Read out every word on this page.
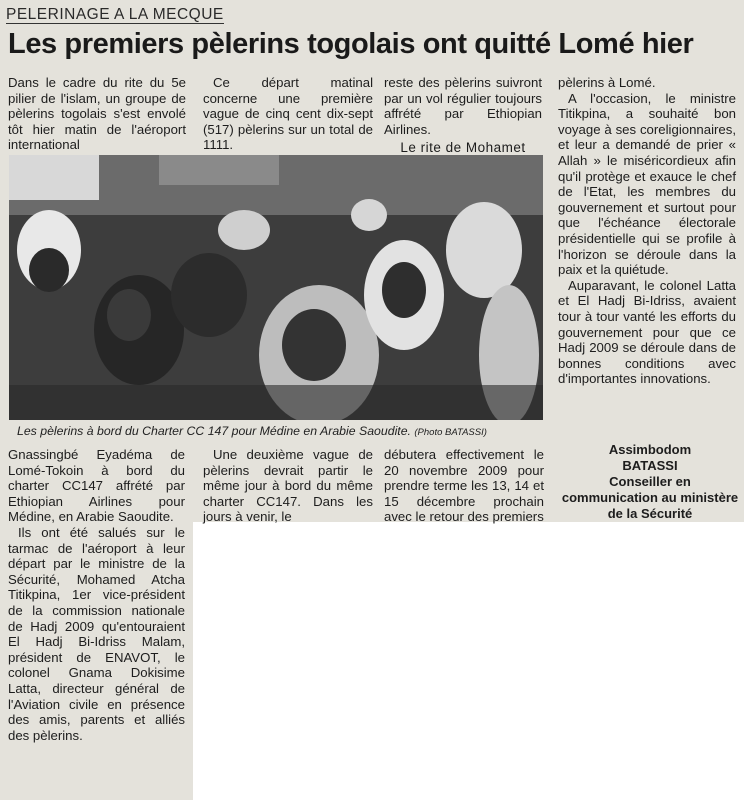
PELERINAGE A LA MECQUE
Les premiers pèlerins togolais ont quitté Lomé hier

Dans le cadre du rite du 5e pilier de l'islam, un groupe de pèlerins togolais s'est envolé tôt hier matin de l'aéroport international

Ce départ matinal concerne une première vague de cinq cent dix-sept (517) pèlerins sur un total de 1111.

reste des pèlerins suivront par un vol régulier toujours affrété par Ethiopian Airlines.

Le rite de Mohamet

pèlerins à Lomé.

A l'occasion, le ministre Titikpina, a souhaité bon voyage à ses coreligionnaires, et leur a demandé de prier « Allah » le miséricordieux afin qu'il protège et exauce le chef de l'Etat, les membres du gouvernement et surtout pour que l'échéance électorale présidentielle qui se profile à l'horizon se déroule dans la paix et la quiétude.

Auparavant, le colonel Latta et El Hadj Bi-Idriss, avaient tour à tour vanté les efforts du gouvernement pour que ce Hadj 2009 se déroule dans de bonnes conditions avec d'importantes innovations.

Les pèlerins à bord du Charter CC 147 pour Médine en Arabie Saoudite. (Photo BATASSI)

Gnassingbé Eyadéma de Lomé-Tokoin à bord du charter CC147 affrété par Ethiopian Airlines pour Médine, en Arabie Saoudite.

Ils ont été salués sur le tarmac de l'aéroport à leur départ par le ministre de la Sécurité, Mohamed Atcha Titikpina, 1er vice-président de la commission nationale de Hadj 2009 qu'entouraient El Hadj Bi-Idriss Malam, président de ENAVOT, le colonel Gnama Dokisime Latta, directeur général de l'Aviation civile en présence des amis, parents et alliés des pèlerins.

Une deuxième vague de pèlerins devrait partir le même jour à bord du même charter CC147. Dans les jours à venir, le

débutera effectivement le 20 novembre 2009 pour prendre terme les 13, 14 et 15 décembre prochain avec le retour des premiers

Assimbodom
BATASSI
Conseiller en communication au ministère de la Sécurité
